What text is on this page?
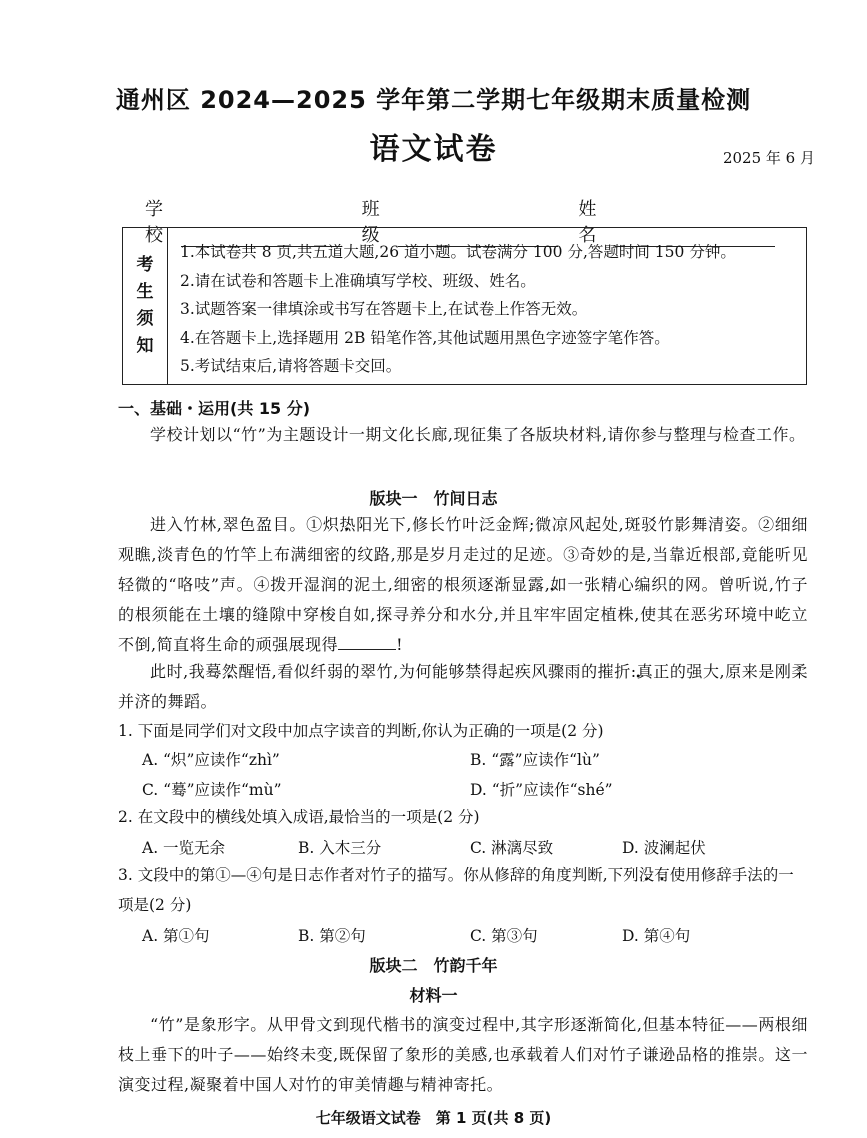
通州区 2024—2025 学年第二学期七年级期末质量检测
语文试卷	2025 年 6 月
学校
班级
姓名
考
生
须
知
1.本试卷共 8 页,共五道大题,26 道小题。试卷满分 100 分,答题时间 150 分钟。
2.请在试卷和答题卡上准确填写学校、班级、姓名。
3.试题答案一律填涂或书写在答题卡上,在试卷上作答无效。
4.在答题卡上,选择题用 2B 铅笔作答,其他试题用黑色字迹签字笔作答。
5.考试结束后,请将答题卡交回。
一、基础・运用(共 15 分)
学校计划以“竹”为主题设计一期文化长廊,现征集了各版块材料,请你参与整理与检查工作。
版块一　竹间日志
进入竹林,翠色盈目。①炽热阳光下,修长竹叶泛金辉;微凉风起处,斑驳竹影舞清姿。②细细观瞧,淡青色的竹竿上布满细密的纹路,那是岁月走过的足迹。③奇妙的是,当靠近根部,竟能听见轻微的“咯吱”声。④拨开湿润的泥土,细密的根须逐渐显露,如一张精心编织的网。曾听说,竹子的根须能在土壤的缝隙中穿梭自如,探寻养分和水分,并且牢牢固定植株,使其在恶劣环境中屹立不倒,简直将生命的顽强展现得	!
此时,我蓦然醒悟,看似纤弱的翠竹,为何能够禁得起疾风骤雨的摧折:真正的强大,原来是刚柔并济的舞蹈。
1. 下面是同学们对文段中加点字读音的判断,你认为正确的一项是(2 分)
A. “炽”应读作“zhì”	B. “露”应读作“lù”
C. “蓦”应读作“mù”	D. “折”应读作“shé”
2. 在文段中的横线处填入成语,最恰当的一项是(2 分)
A. 一览无余	B. 入木三分	C. 淋漓尽致	D. 波澜起伏
3. 文段中的第①—④句是日志作者对竹子的描写。你从修辞的角度判断,下列没有使用修辞手法的一项是(2 分)
A. 第①句	B. 第②句	C. 第③句	D. 第④句
版块二　竹韵千年
材料一
“竹”是象形字。从甲骨文到现代楷书的演变过程中,其字形逐渐简化,但基本特征——两根细枝上垂下的叶子——始终未变,既保留了象形的美感,也承载着人们对竹子谦逊品格的推崇。这一演变过程,凝聚着中国人对竹的审美情趣与精神寄托。
七年级语文试卷　第 1 页(共 8 页)
